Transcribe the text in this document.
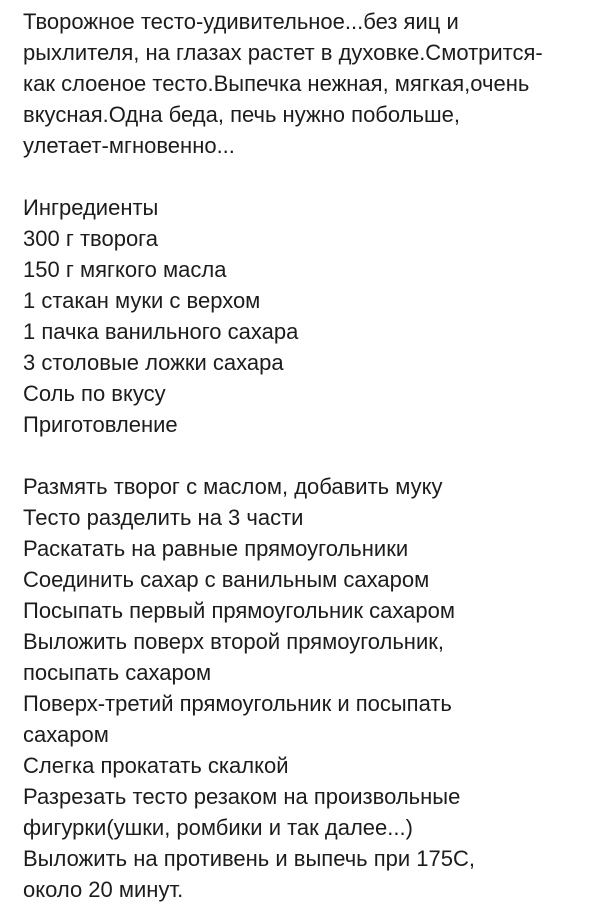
Творожное тесто-удивительное...без яиц и
рыхлителя, на глазах растет в духовке.Смотрится-
как слоеное тесто.Выпечка нежная, мягкая,очень
вкусная.Одна беда, печь нужно побольше,
улетает-мгновенно...
Ингредиенты
300 г творога
150 г мягкого масла
1 стакан муки с верхом
1 пачка ванильного сахара
3 столовые ложки сахара
Соль по вкусу
Приготовление
Размять творог с маслом, добавить муку
Тесто разделить на 3 части
Раскатать на равные прямоугольники
Соединить сахар с ванильным сахаром
Посыпать первый прямоугольник сахаром
Выложить поверх второй прямоугольник,
посыпать сахаром
Поверх-третий прямоугольник и посыпать
сахаром
Слегка прокатать скалкой
Разрезать тесто резаком на произвольные
фигурки(ушки, ромбики и так далее...)
Выложить на противень и выпечь при 175С,
около 20 минут.
